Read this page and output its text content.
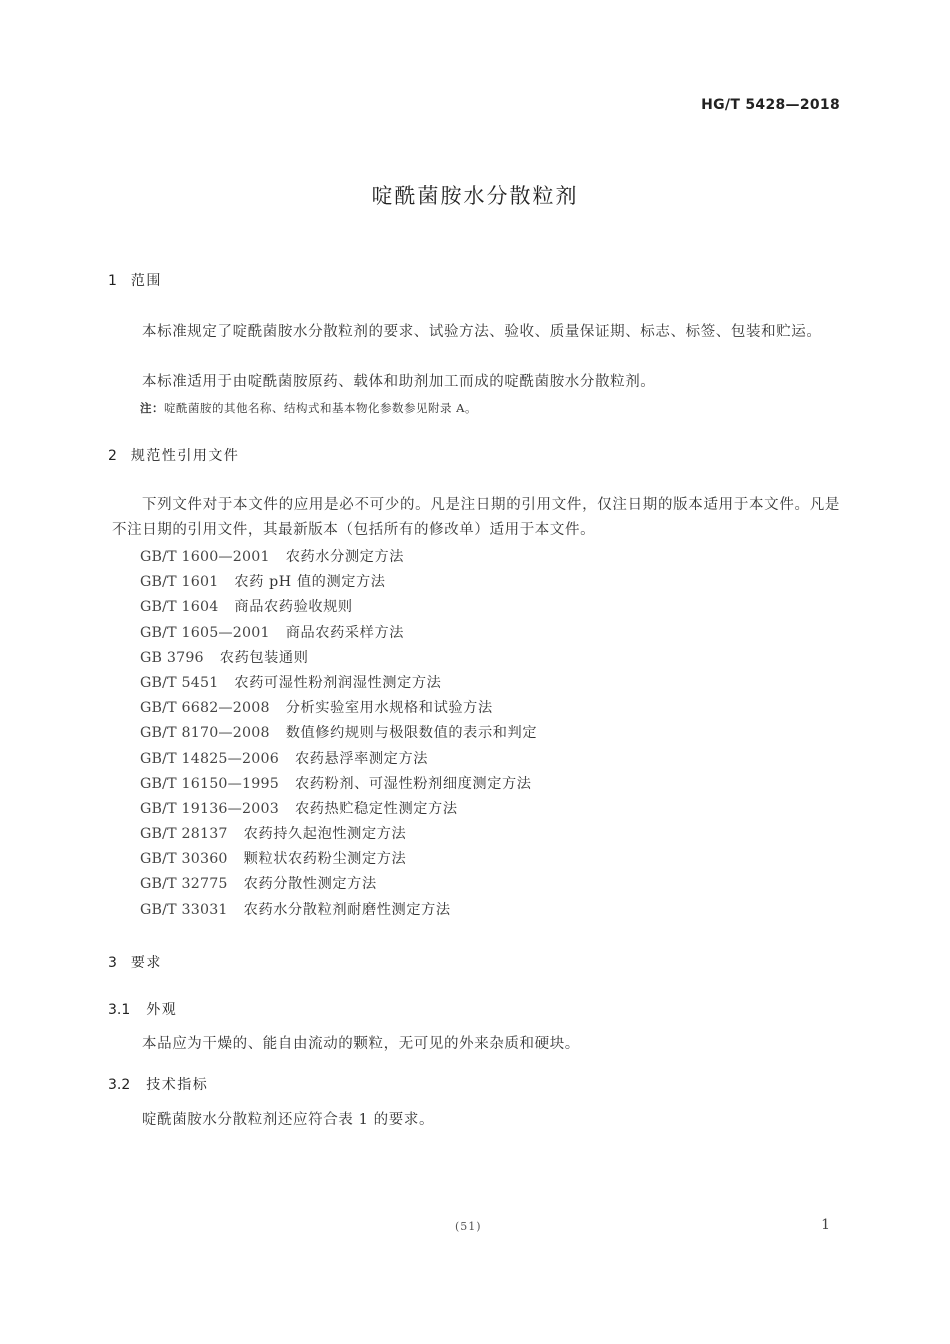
HG/T 5428—2018
啶酰菌胺水分散粒剂
1 范围
本标准规定了啶酰菌胺水分散粒剂的要求、试验方法、验收、质量保证期、标志、标签、包装和贮运。
本标准适用于由啶酰菌胺原药、载体和助剂加工而成的啶酰菌胺水分散粒剂。
注：啶酰菌胺的其他名称、结构式和基本物化参数参见附录 A。
2 规范性引用文件
下列文件对于本文件的应用是必不可少的。凡是注日期的引用文件，仅注日期的版本适用于本文件。凡是不注日期的引用文件，其最新版本（包括所有的修改单）适用于本文件。
GB/T 1600—2001 农药水分测定方法
GB/T 1601 农药 pH 值的测定方法
GB/T 1604 商品农药验收规则
GB/T 1605—2001 商品农药采样方法
GB 3796 农药包装通则
GB/T 5451 农药可湿性粉剂润湿性测定方法
GB/T 6682—2008 分析实验室用水规格和试验方法
GB/T 8170—2008 数值修约规则与极限数值的表示和判定
GB/T 14825—2006 农药悬浮率测定方法
GB/T 16150—1995 农药粉剂、可湿性粉剂细度测定方法
GB/T 19136—2003 农药热贮稳定性测定方法
GB/T 28137 农药持久起泡性测定方法
GB/T 30360 颗粒状农药粉尘测定方法
GB/T 32775 农药分散性测定方法
GB/T 33031 农药水分散粒剂耐磨性测定方法
3 要求
3.1 外观
本品应为干燥的、能自由流动的颗粒，无可见的外来杂质和硬块。
3.2 技术指标
啶酰菌胺水分散粒剂还应符合表 1 的要求。
(51)	1
